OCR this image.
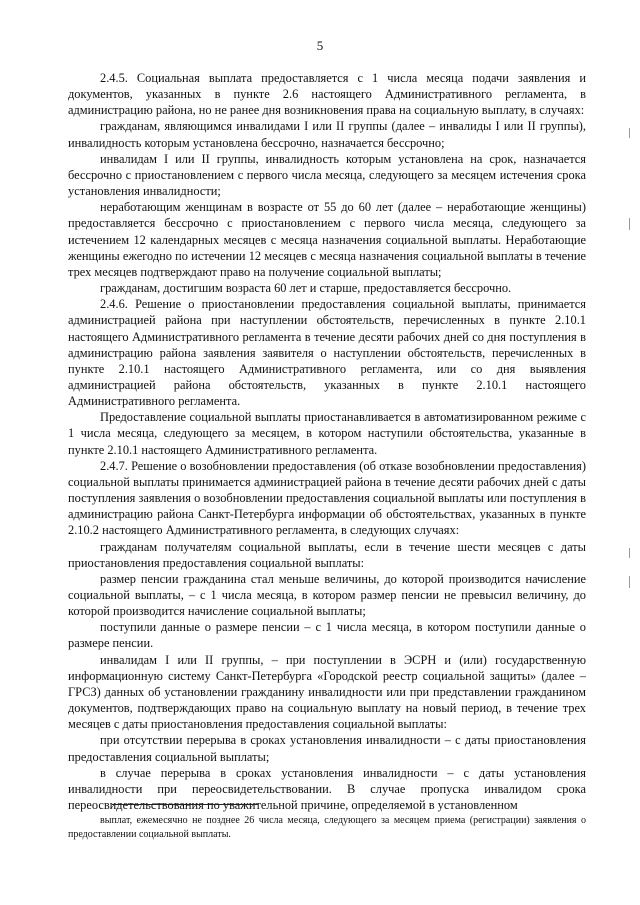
5

2.4.5. Социальная выплата предоставляется с 1 числа месяца подачи заявления и документов, указанных в пункте 2.6 настоящего Административного регламента, в администрацию района, но не ранее дня возникновения права на социальную выплату, в случаях:

гражданам, являющимся инвалидами I или II группы (далее – инвалиды I или II группы), инвалидность которым установлена бессрочно, назначается бессрочно;

инвалидам I или II группы, инвалидность которым установлена на срок, назначается бессрочно с приостановлением с первого числа месяца, следующего за месяцем истечения срока установления инвалидности;

неработающим женщинам в возрасте от 55 до 60 лет (далее – неработающие женщины) предоставляется бессрочно с приостановлением с первого числа месяца, следующего за истечением 12 календарных месяцев с месяца назначения социальной выплаты. Неработающие женщины ежегодно по истечении 12 месяцев с месяца назначения социальной выплаты в течение трех месяцев подтверждают право на получение социальной выплаты;

гражданам, достигшим возраста 60 лет и старше, предоставляется бессрочно.

2.4.6. Решение о приостановлении предоставления социальной выплаты, принимается администрацией района при наступлении обстоятельств, перечисленных в пункте 2.10.1 настоящего Административного регламента в течение десяти рабочих дней со дня поступления в администрацию района заявления заявителя о наступлении обстоятельств, перечисленных в пункте 2.10.1 настоящего Административного регламента, или со дня выявления администрацией района обстоятельств, указанных в пункте 2.10.1 настоящего Административного регламента.

Предоставление социальной выплаты приостанавливается в автоматизированном режиме с 1 числа месяца, следующего за месяцем, в котором наступили обстоятельства, указанные в пункте 2.10.1 настоящего Административного регламента.

2.4.7. Решение о возобновлении предоставления (об отказе возобновлении предоставления) социальной выплаты принимается администрацией района в течение десяти рабочих дней с даты поступления заявления о возобновлении предоставления социальной выплаты или поступления в администрацию района Санкт-Петербурга информации об обстоятельствах, указанных в пункте 2.10.2 настоящего Административного регламента, в следующих случаях:

гражданам получателям социальной выплаты, если в течение шести месяцев с даты приостановления предоставления социальной выплаты:

размер пенсии гражданина стал меньше величины, до которой производится начисление социальной выплаты, – с 1 числа месяца, в котором размер пенсии не превысил величину, до которой производится начисление социальной выплаты;

поступили данные о размере пенсии – с 1 числа месяца, в котором поступили данные о размере пенсии.

инвалидам I или II группы, – при поступлении в ЭСРН и (или) государственную информационную систему Санкт-Петербурга «Городской реестр социальной защиты» (далее – ГРСЗ) данных об установлении гражданину инвалидности или при представлении гражданином документов, подтверждающих право на социальную выплату на новый период, в течение трех месяцев с даты приостановления предоставления социальной выплаты:

при отсутствии перерыва в сроках установления инвалидности – с даты приостановления предоставления социальной выплаты;

в случае перерыва в сроках установления инвалидности – с даты установления инвалидности при переосвидетельствовании. В случае пропуска инвалидом срока переосвидетельствования по уважительной причине, определяемой в установленном

выплат, ежемесячно не позднее 26 числа месяца, следующего за месяцем приема (регистрации) заявления о предоставлении социальной выплаты.
